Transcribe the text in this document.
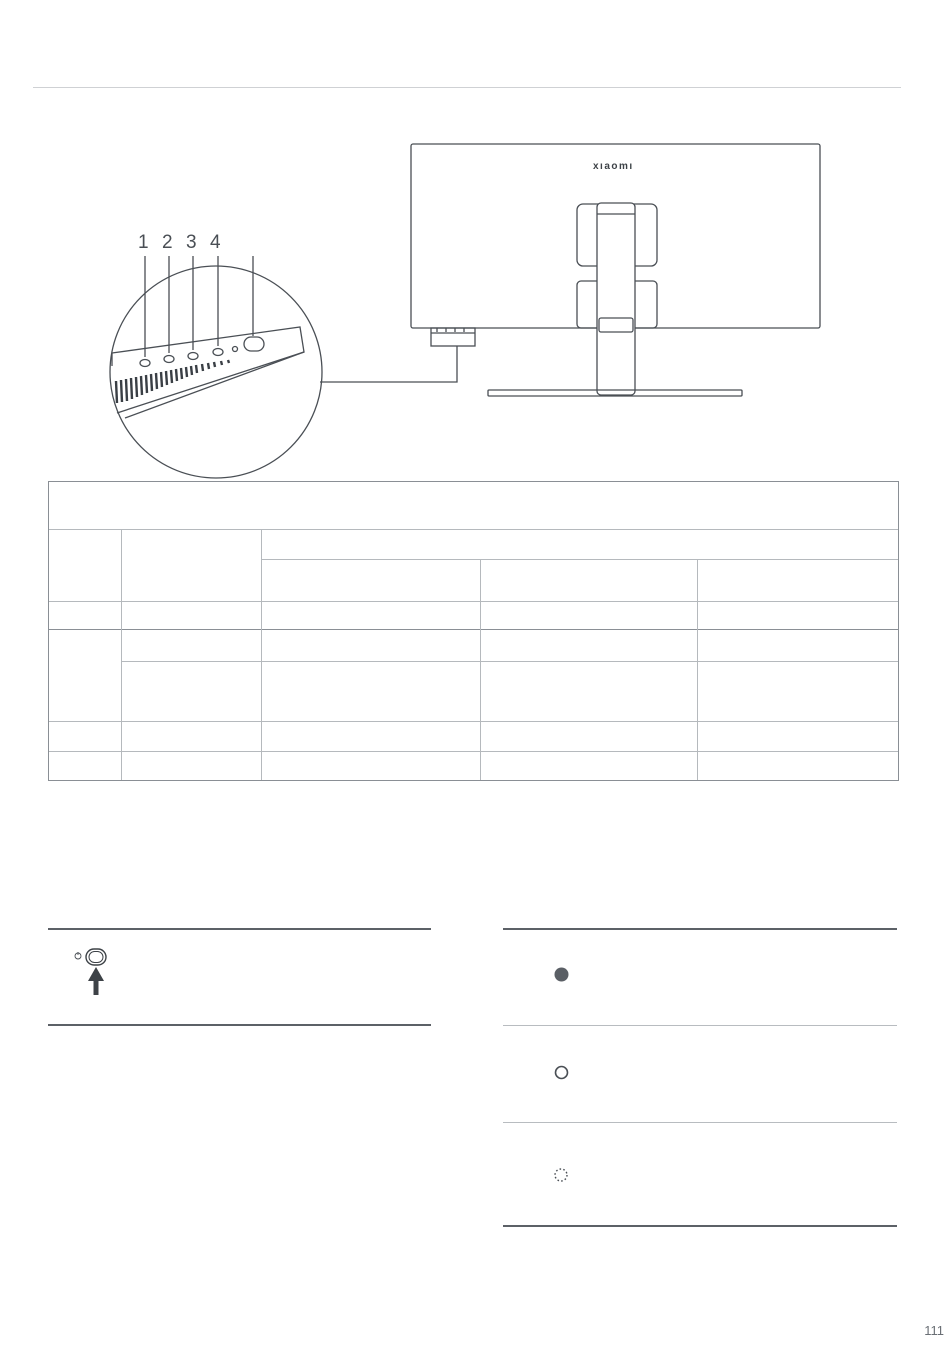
1 2 3 4
xıaomı
111
